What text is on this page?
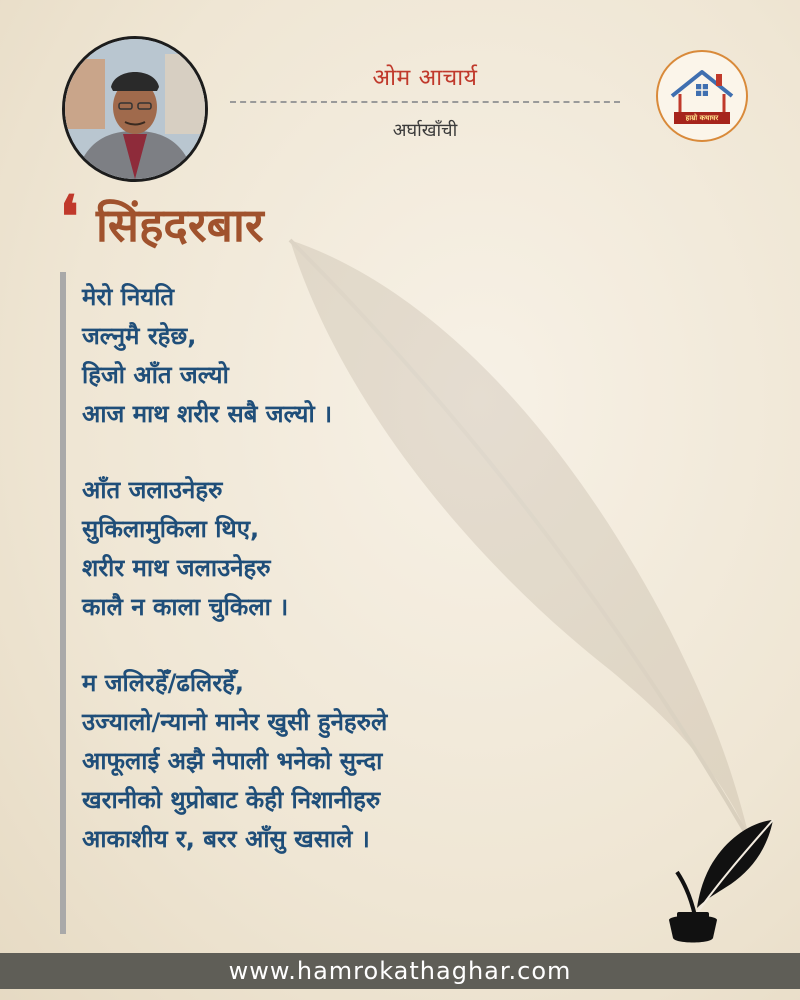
ओम आचार्य
अर्घाखाँची
हाम्रो कथाघर
❛ सिंहदरबार
मेरो नियति
जल्नुमै रहेछ,
हिजो आँत जल्यो
आज माथ शरीर सबै जल्यो ।
आँत जलाउनेहरु
सुकिलामुकिला थिए,
शरीर माथ जलाउनेहरु
कालै न काला चुकिला ।
म जलिरहेँ/ढलिरहेँ,
उज्यालो/न्यानो मानेर खुसी हुनेहरुले
आफूलाई अझै नेपाली भनेको सुन्दा
खरानीको थुप्रोबाट केही निशानीहरु
आकाशीय र, बरर आँसु खसाले ।
www.hamrokathaghar.com
